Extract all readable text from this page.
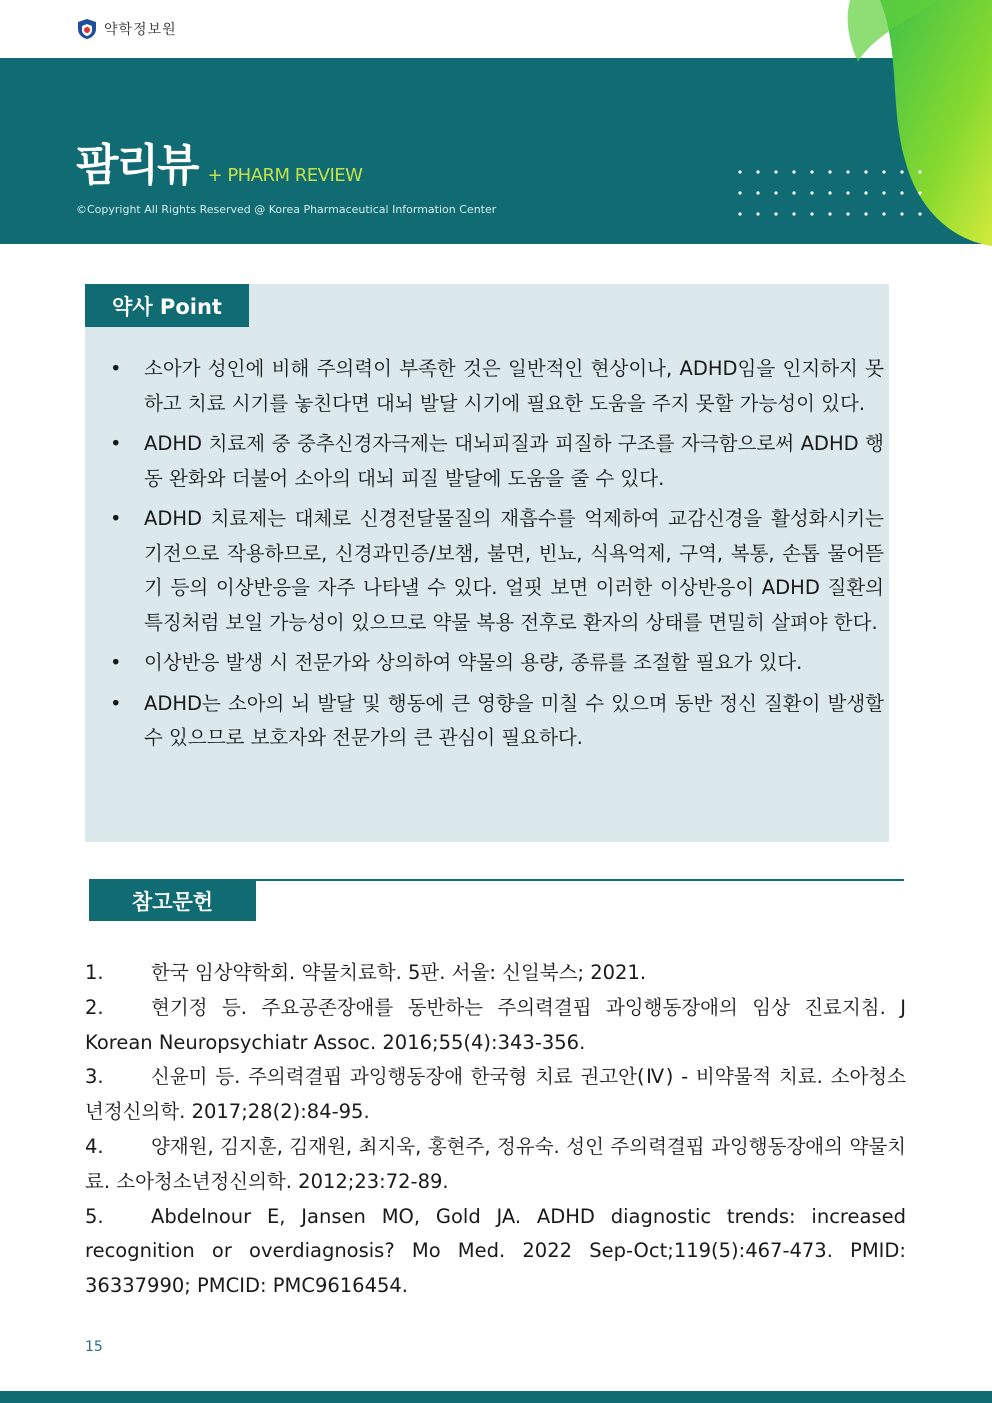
약학정보원
팜리뷰 + PHARM REVIEW
©Copyright All Rights Reserved @ Korea Pharmaceutical Information Center
약사 Point
• 소아가 성인에 비해 주의력이 부족한 것은 일반적인 현상이나, ADHD임을 인지하지 못하고 치료 시기를 놓친다면 대뇌 발달 시기에 필요한 도움을 주지 못할 가능성이 있다.
• ADHD 치료제 중 중추신경자극제는 대뇌피질과 피질하 구조를 자극함으로써 ADHD 행동 완화와 더불어 소아의 대뇌 피질 발달에 도움을 줄 수 있다.
• ADHD 치료제는 대체로 신경전달물질의 재흡수를 억제하여 교감신경을 활성화시키는 기전으로 작용하므로, 신경과민증/보챔, 불면, 빈뇨, 식욕억제, 구역, 복통, 손톱 물어뜯기 등의 이상반응을 자주 나타낼 수 있다. 얼핏 보면 이러한 이상반응이 ADHD 질환의 특징처럼 보일 가능성이 있으므로 약물 복용 전후로 환자의 상태를 면밀히 살펴야 한다.
• 이상반응 발생 시 전문가와 상의하여 약물의 용량, 종류를 조절할 필요가 있다.
• ADHD는 소아의 뇌 발달 및 행동에 큰 영향을 미칠 수 있으며 동반 정신 질환이 발생할 수 있으므로 보호자와 전문가의 큰 관심이 필요하다.
참고문헌
1. 한국 임상약학회. 약물치료학. 5판. 서울: 신일북스; 2021.
2. 현기정 등. 주요공존장애를 동반하는 주의력결핍 과잉행동장애의 임상 진료지침. J Korean Neuropsychiatr Assoc. 2016;55(4):343-356.
3. 신윤미 등. 주의력결핍 과잉행동장애 한국형 치료 권고안(Ⅳ) - 비약물적 치료. 소아청소년정신의학. 2017;28(2):84-95.
4. 양재원, 김지훈, 김재원, 최지욱, 홍현주, 정유숙. 성인 주의력결핍 과잉행동장애의 약물치료. 소아청소년정신의학. 2012;23:72-89.
5. Abdelnour E, Jansen MO, Gold JA. ADHD diagnostic trends: increased recognition or overdiagnosis? Mo Med. 2022 Sep-Oct;119(5):467-473. PMID: 36337990; PMCID: PMC9616454.
15
